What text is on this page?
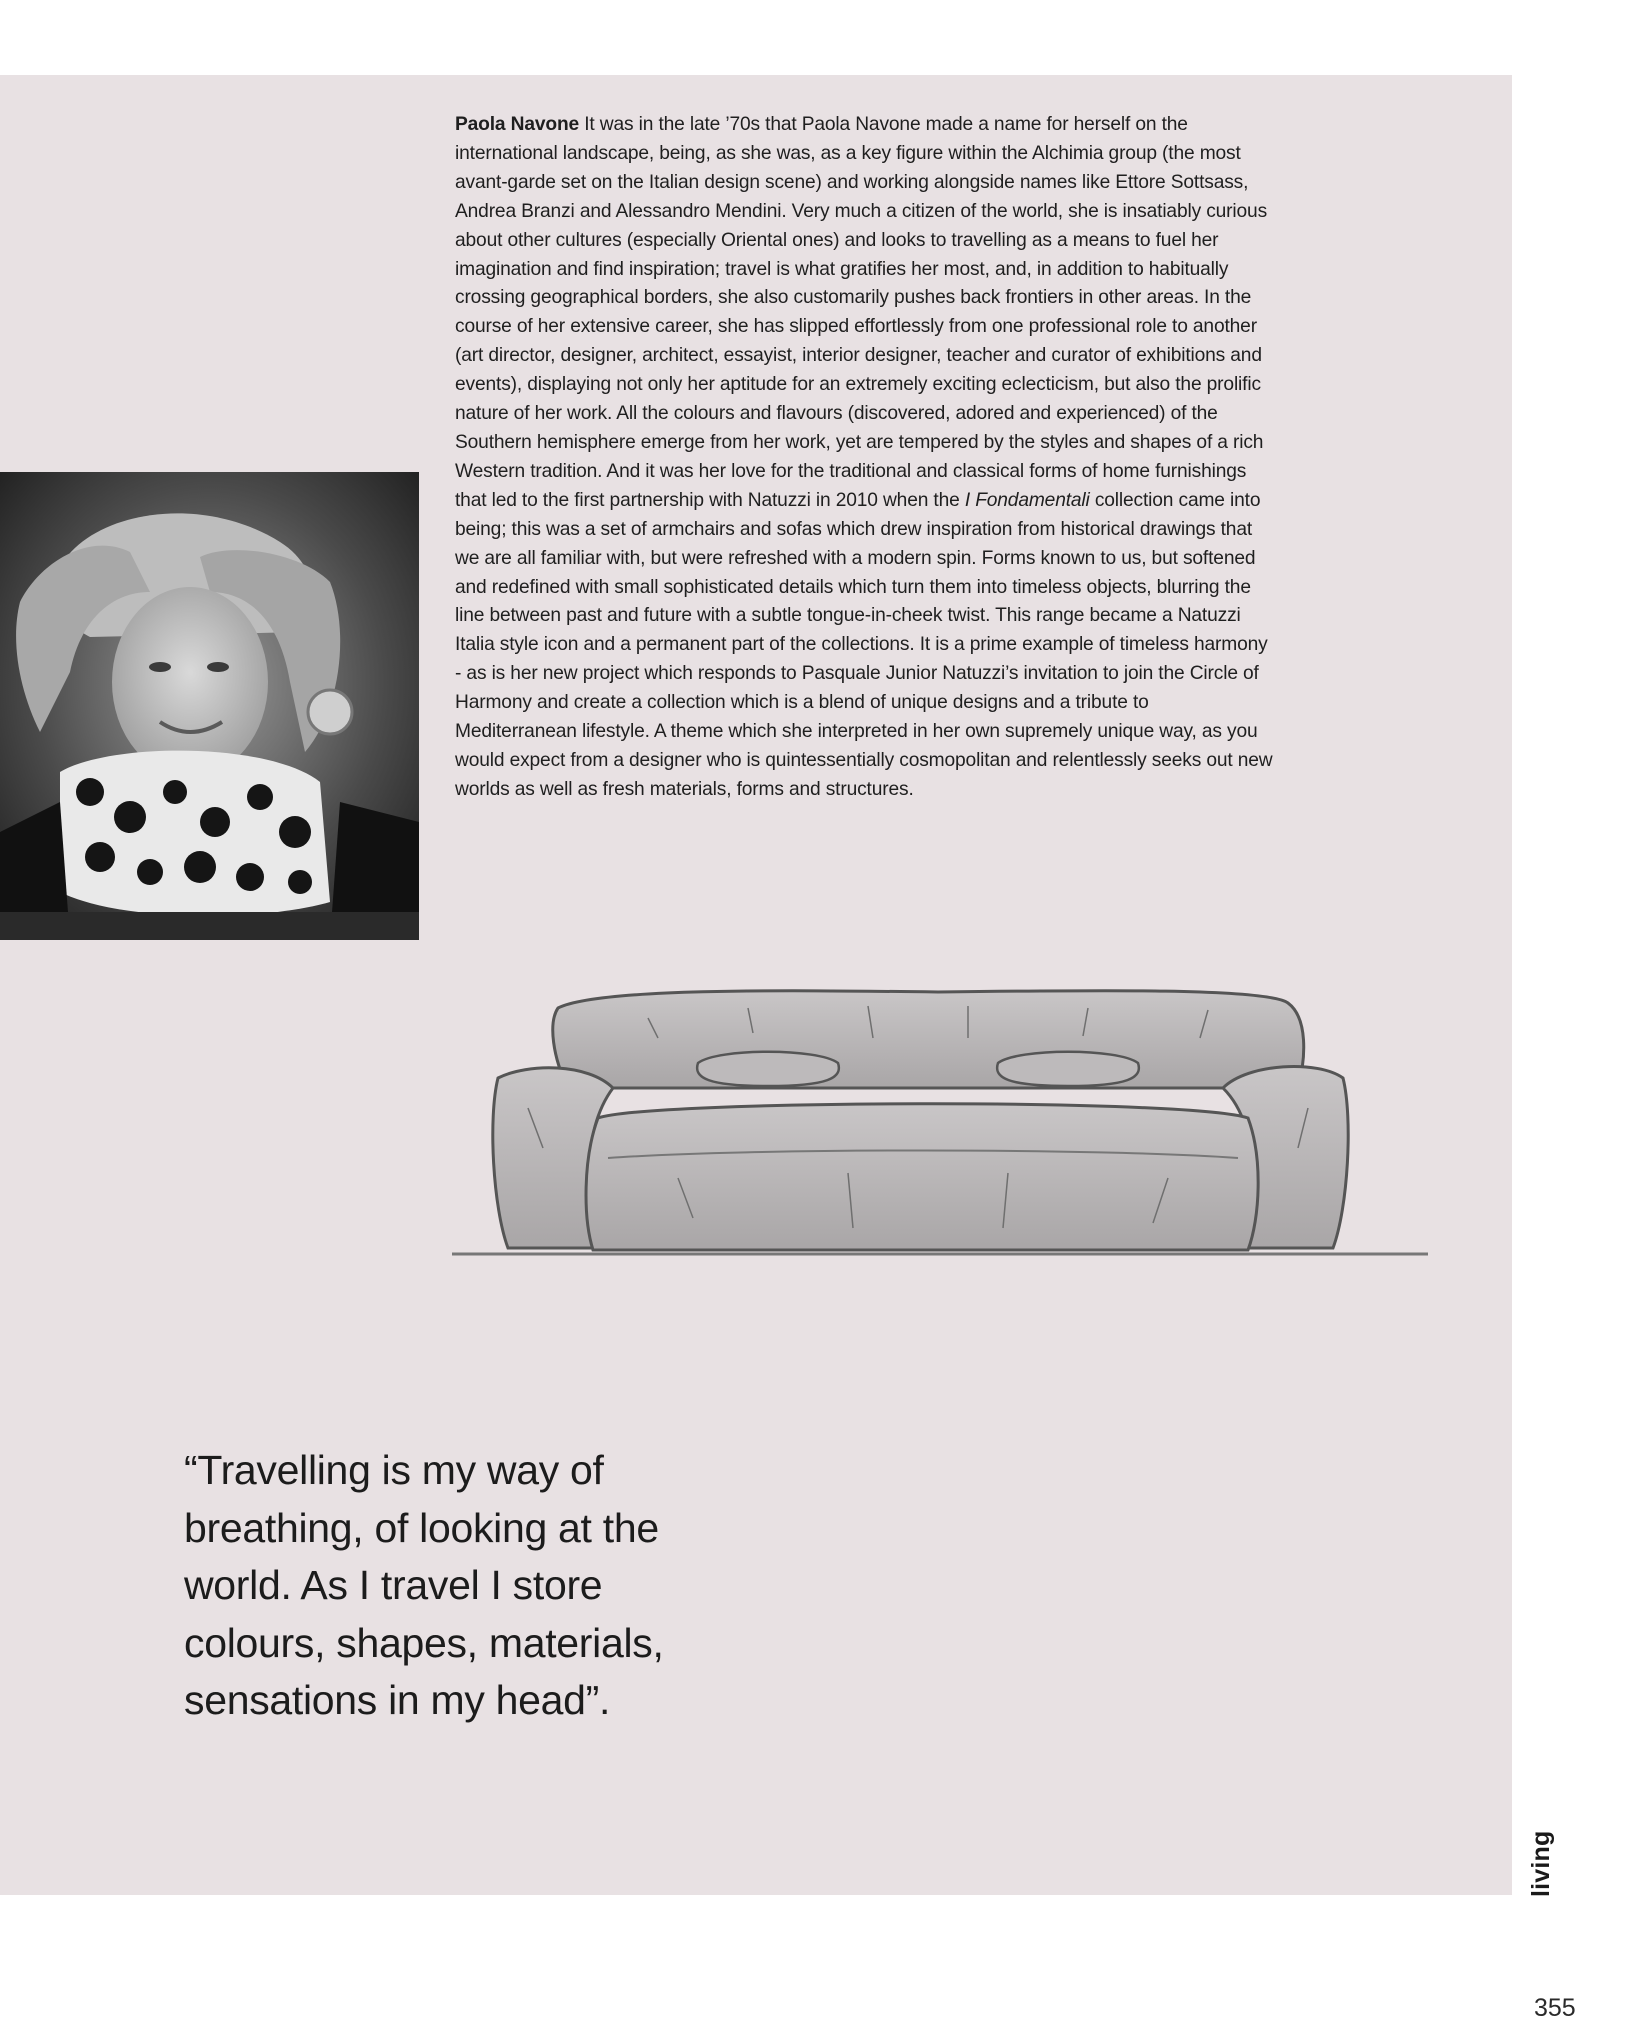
Paola Navone It was in the late ’70s that Paola Navone made a name for herself on the international landscape, being, as she was, as a key figure within the Alchimia group (the most avant-garde set on the Italian design scene) and working alongside names like Ettore Sottsass, Andrea Branzi and Alessandro Mendini. Very much a citizen of the world, she is insatiably curious about other cultures (especially Oriental ones) and looks to travelling as a means to fuel her imagination and find inspiration; travel is what gratifies her most, and, in addition to habitually crossing geographical borders, she also customarily pushes back frontiers in other areas. In the course of her extensive career, she has slipped effortlessly from one professional role to another (art director, designer, architect, essayist, interior designer, teacher and curator of exhibitions and events), displaying not only her aptitude for an extremely exciting eclecticism, but also the prolific nature of her work. All the colours and flavours (discovered, adored and experienced) of the Southern hemisphere emerge from her work, yet are tempered by the styles and shapes of a rich Western tradition. And it was her love for the traditional and classical forms of home furnishings that led to the first partnership with Natuzzi in 2010 when the I Fondamentali collection came into being; this was a set of armchairs and sofas which drew inspiration from historical drawings that we are all familiar with, but were refreshed with a modern spin. Forms known to us, but softened and redefined with small sophisticated details which turn them into timeless objects, blurring the line between past and future with a subtle tongue-in-cheek twist. This range became a Natuzzi Italia style icon and a permanent part of the collections. It is a prime example of timeless harmony - as is her new project which responds to Pasquale Junior Natuzzi’s invitation to join the Circle of Harmony and create a collection which is a blend of unique designs and a tribute to Mediterranean lifestyle. A theme which she interpreted in her own supremely unique way, as you would expect from a designer who is quintessentially cosmopolitan and relentlessly seeks out new worlds as well as fresh materials, forms and structures.

“Travelling is my way of breathing, of looking at the world. As I travel I store colours, shapes, materials, sensations in my head”.

living
355
